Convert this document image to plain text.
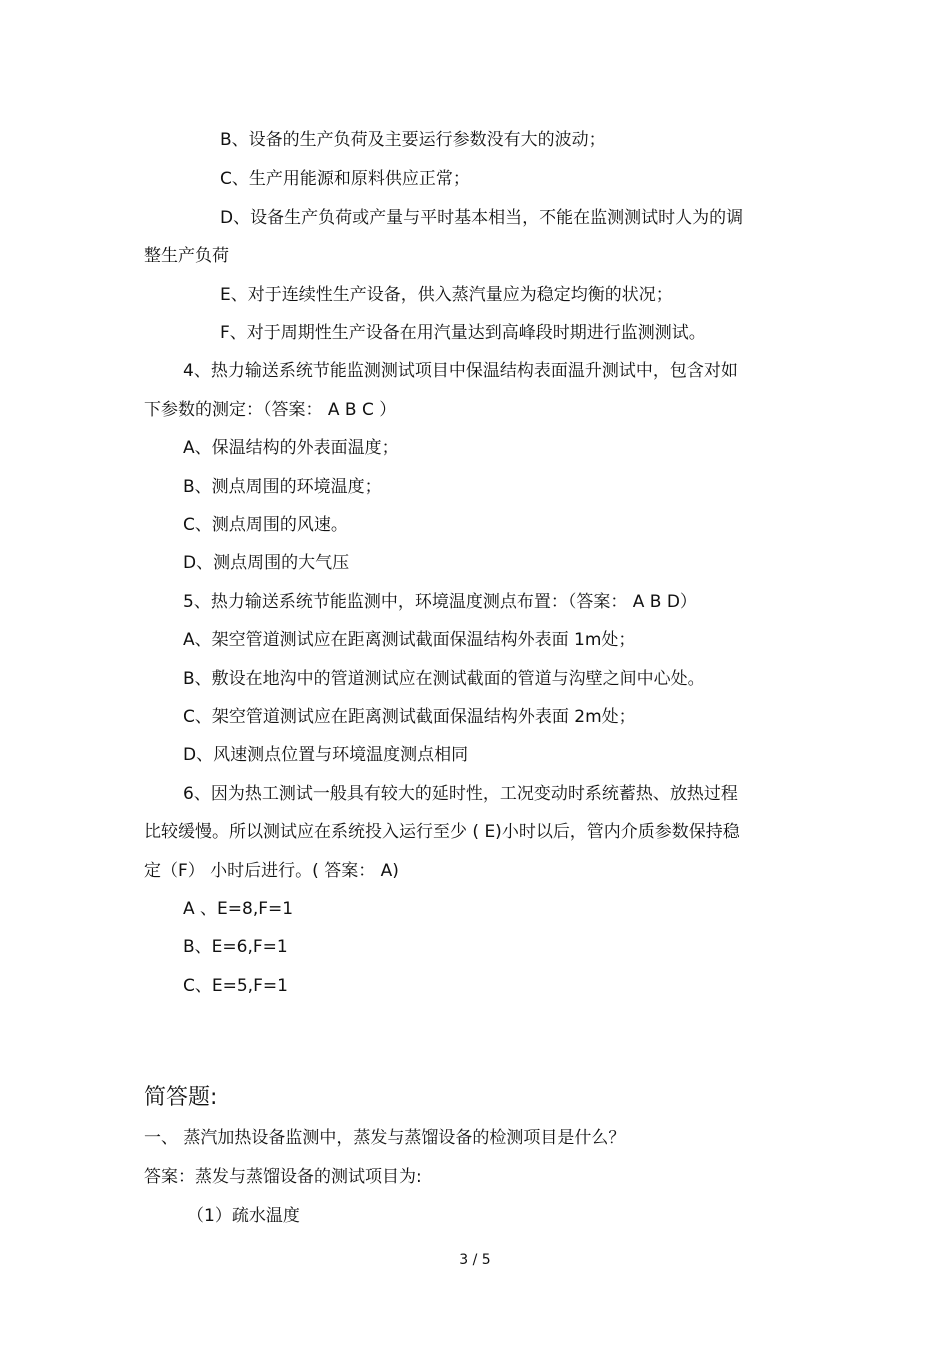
B、设备的生产负荷及主要运行参数没有大的波动；
C、生产用能源和原料供应正常；
D、设备生产负荷或产量与平时基本相当，不能在监测测试时人为的调
整生产负荷
E、对于连续性生产设备，供入蒸汽量应为稳定均衡的状况；
F、对于周期性生产设备在用汽量达到高峰段时期进行监测测试。
4、热力输送系统节能监测测试项目中保温结构表面温升测试中，包含对如
下参数的测定：（答案： A B C ）
A、保温结构的外表面温度；
B、测点周围的环境温度；
C、测点周围的风速。
D、测点周围的大气压
5、热力输送系统节能监测中，环境温度测点布置：（答案： A B D）
A、架空管道测试应在距离测试截面保温结构外表面 1m处；
B、敷设在地沟中的管道测试应在测试截面的管道与沟壁之间中心处。
C、架空管道测试应在距离测试截面保温结构外表面 2m处；
D、风速测点位置与环境温度测点相同
6、因为热工测试一般具有较大的延时性，工况变动时系统蓄热、放热过程
比较缓慢。所以测试应在系统投入运行至少 ( E)小时以后，管内介质参数保持稳
定（F） 小时后进行。( 答案： A)
A 、E=8,F=1
B、E=6,F=1
C、E=5,F=1
简答题:
一、 蒸汽加热设备监测中，蒸发与蒸馏设备的检测项目是什么？
答案：蒸发与蒸馏设备的测试项目为:
（1）疏水温度
3 / 5
